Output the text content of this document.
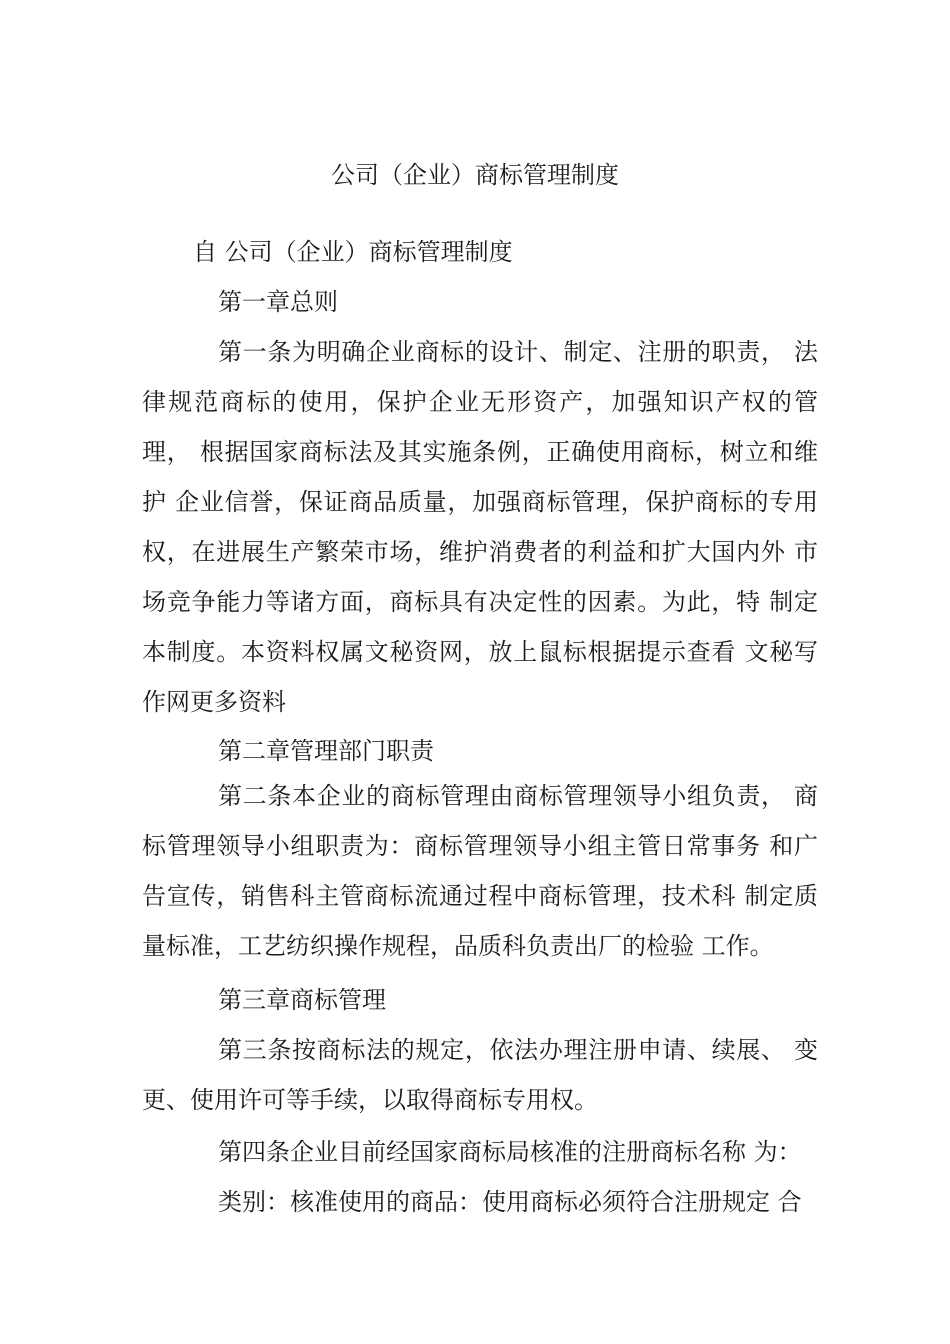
公司（企业）商标管理制度
自 公司（企业）商标管理制度
第一章总则
第一条为明确企业商标的设计、制定、注册的职责， 法
律规范商标的使用，保护企业无形资产，加强知识产权的管
理， 根据国家商标法及其实施条例，正确使用商标，树立和维
护 企业信誉，保证商品质量，加强商标管理，保护商标的专用
权，在进展生产繁荣市场，维护消费者的利益和扩大国内外 市
场竞争能力等诸方面，商标具有决定性的因素。为此，特 制定
本制度。本资料权属文秘资网，放上鼠标根据提示查看 文秘写
作网更多资料
第二章管理部门职责
第二条本企业的商标管理由商标管理领导小组负责， 商
标管理领导小组职责为：商标管理领导小组主管日常事务 和广
告宣传，销售科主管商标流通过程中商标管理，技术科 制定质
量标准，工艺纺织操作规程，品质科负责出厂的检验 工作。
第三章商标管理
第三条按商标法的规定，依法办理注册申请、续展、 变
更、使用许可等手续，以取得商标专用权。
第四条企业目前经国家商标局核准的注册商标名称 为：
类别：核准使用的商品：使用商标必须符合注册规定 合
